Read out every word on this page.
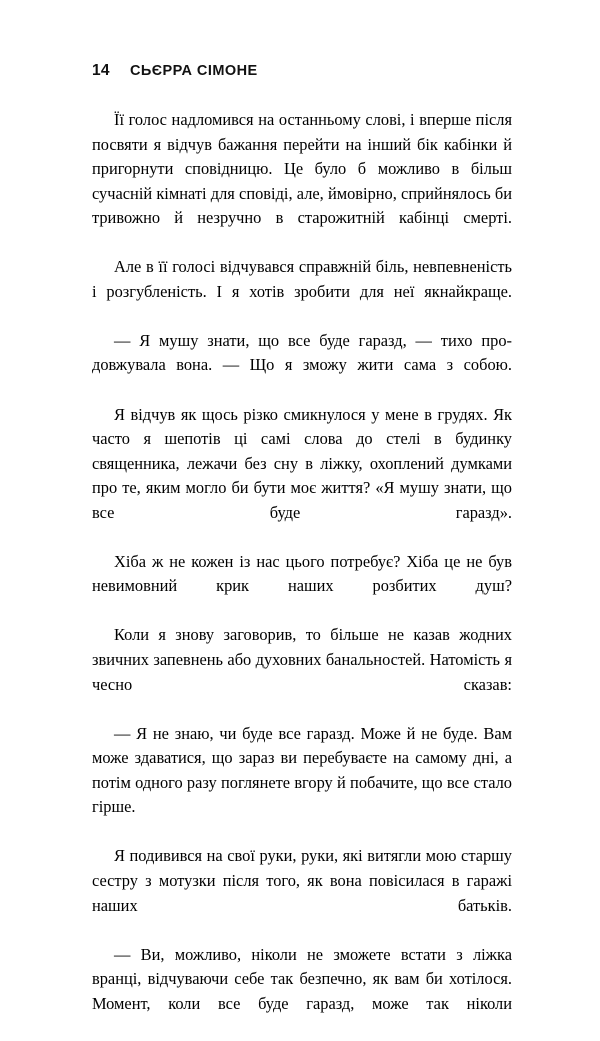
14	СЬЄРРА СІМОНЕ

Її голос надломився на останньому слові, і вперше після посвяти я відчув бажання перейти на інший бік кабінки й пригорнути сповідницю. Це було б можливо в більш сучасній кімнаті для сповіді, але, ймовірно, сприйнялось би тривожно й незручно в старожитній кабінці смерті.

Але в її голосі відчувався справжній біль, невпевненість і розгубленість. І я хотів зробити для неї якнайкраще.

— Я мушу знати, що все буде гаразд, — тихо продовжувала вона. — Що я зможу жити сама з собою.

Я відчув як щось різко смикнулося у мене в грудях. Як часто я шепотів ці самі слова до стелі в будинку священника, лежачи без сну в ліжку, охоплений думками про те, яким могло би бути моє життя? «Я мушу знати, що все буде гаразд».

Хіба ж не кожен із нас цього потребує? Хіба це не був невимовний крик наших розбитих душ?

Коли я знову заговорив, то більше не казав жодних звичних запевнень або духовних банальностей. Натомість я чесно сказав:

— Я не знаю, чи буде все гаразд. Може й не буде. Вам може здаватися, що зараз ви перебуваєте на самому дні, а потім одного разу поглянете вгору й побачите, що все стало гірше.

Я подивився на свої руки, руки, які витягли мою старшу сестру з мотузки після того, як вона повісилася в гаражі наших батьків.

— Ви, можливо, ніколи не зможете встати з ліжка вранці, відчуваючи себе так безпечно, як вам би хотілося. Момент, коли все буде гаразд, може так ніколи
